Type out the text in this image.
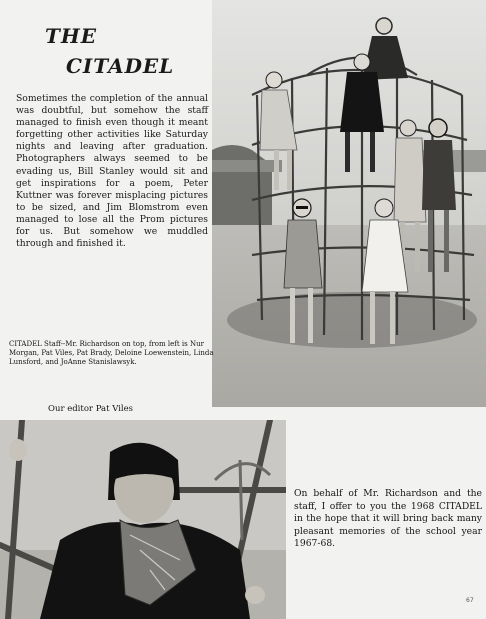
THE
CITADEL

Sometimes the completion of the annual was doubtful, but somehow the staff managed to finish even though it meant forgetting other activities like Saturday nights and leaving after graduation. Photographers always seemed to be evading us, Bill Stanley would sit and get inspirations for a poem, Peter Kuttner was forever misplacing pictures to be sized, and Jim Blomstrom even managed to lose all the Prom pictures for us. But somehow we muddled through and finished it.

CITADEL Staff--Mr. Richardson on top, from left is Nur Morgan, Pat Viles, Pat Brady, Deloine Loewenstein, Linda Lunsford, and JoAnne Stanislawsyk.

Our editor Pat Viles

On behalf of Mr. Richardson and the staff, I offer to you the 1968 CITADEL in the hope that it will bring back many pleasant memories of the school year 1967-68.

67
